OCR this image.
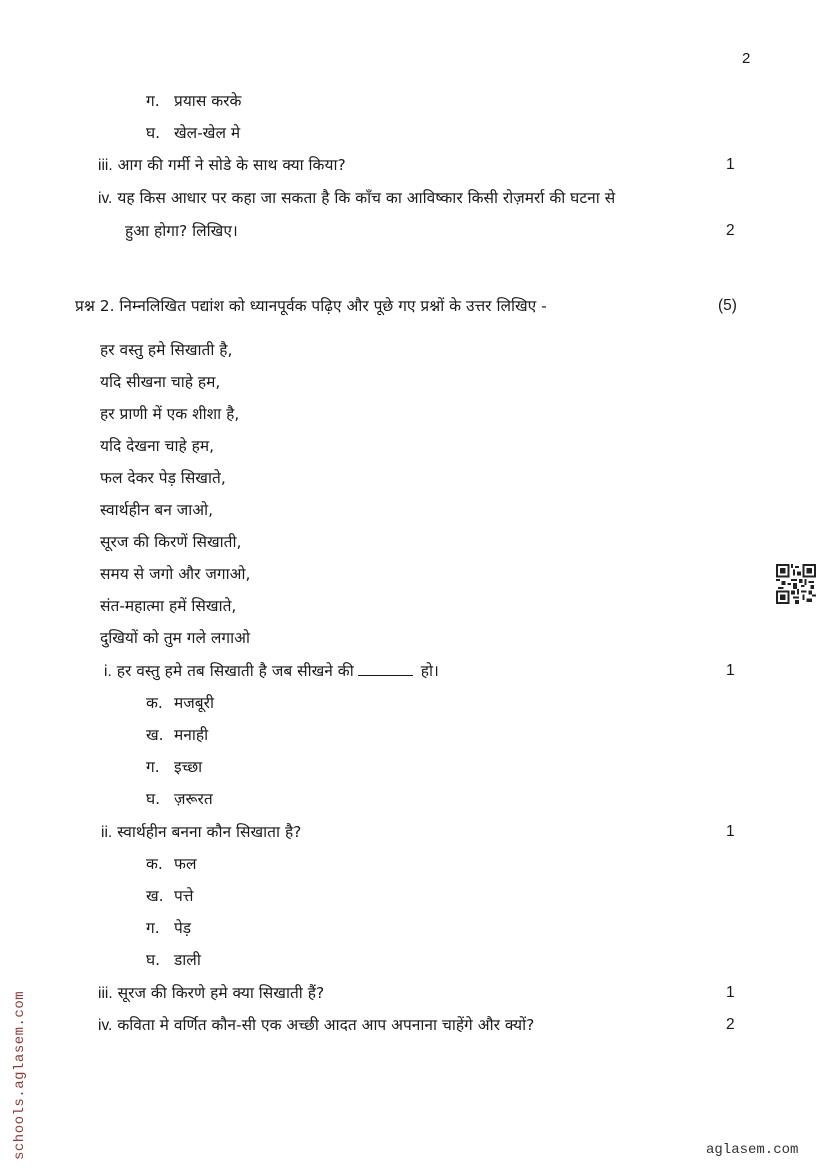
2
ग. प्रयास करके
घ. खेल-खेल मे
iii. आग की गर्मी ने सोडे के साथ क्या किया?	1
iv. यह किस आधार पर कहा जा सकता है कि काँच का आविष्कार किसी रोज़मर्रा की घटना से
हुआ होगा? लिखिए।	2
प्रश्न 2. निम्नलिखित पद्यांश को ध्यानपूर्वक पढ़िए और पूछे गए प्रश्नों के उत्तर लिखिए -	(5)
हर वस्तु हमे सिखाती है,
यदि सीखना चाहे हम,
हर प्राणी में एक शीशा है,
यदि देखना चाहे हम,
फल देकर पेड़ सिखाते,
स्वार्थहीन बन जाओ,
सूरज की किरणें सिखाती,
समय से जगो और जगाओ,
संत-महात्मा हमें सिखाते,
दुखियों को तुम गले लगाओ
i. हर वस्तु हमे तब सिखाती है जब सीखने की	हो।	1
क. मजबूरी
ख. मनाही
ग. इच्छा
घ. ज़रूरत
ii. स्वार्थहीन बनना कौन सिखाता है?	1
क. फल
ख. पत्ते
ग. पेड़
घ. डाली
iii. सूरज की किरणे हमे क्या सिखाती हैं?	1
iv. कविता मे वर्णित कौन-सी एक अच्छी आदत आप अपनाना चाहेंगे और क्यों?	2
schools.aglasem.com	aglasem.com
